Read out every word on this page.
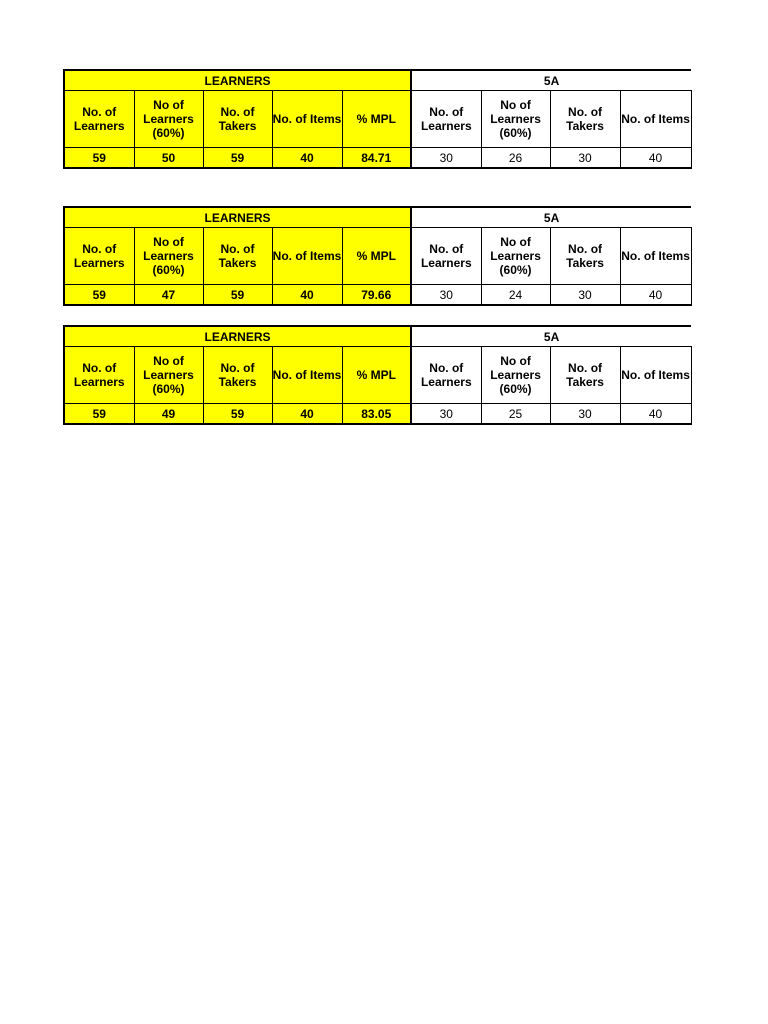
LEARNERS					5A			
No. of Learners	No of Learners (60%)	No. of Takers	No. of Items	% MPL	No. of Learners	No of Learners (60%)	No. of Takers	No. of Items
59	50	59	40	84.71	30	26	30	40
LEARNERS					5A			
No. of Learners	No of Learners (60%)	No. of Takers	No. of Items	% MPL	No. of Learners	No of Learners (60%)	No. of Takers	No. of Items
59	47	59	40	79.66	30	24	30	40
LEARNERS					5A			
No. of Learners	No of Learners (60%)	No. of Takers	No. of Items	% MPL	No. of Learners	No of Learners (60%)	No. of Takers	No. of Items
59	49	59	40	83.05	30	25	30	40
